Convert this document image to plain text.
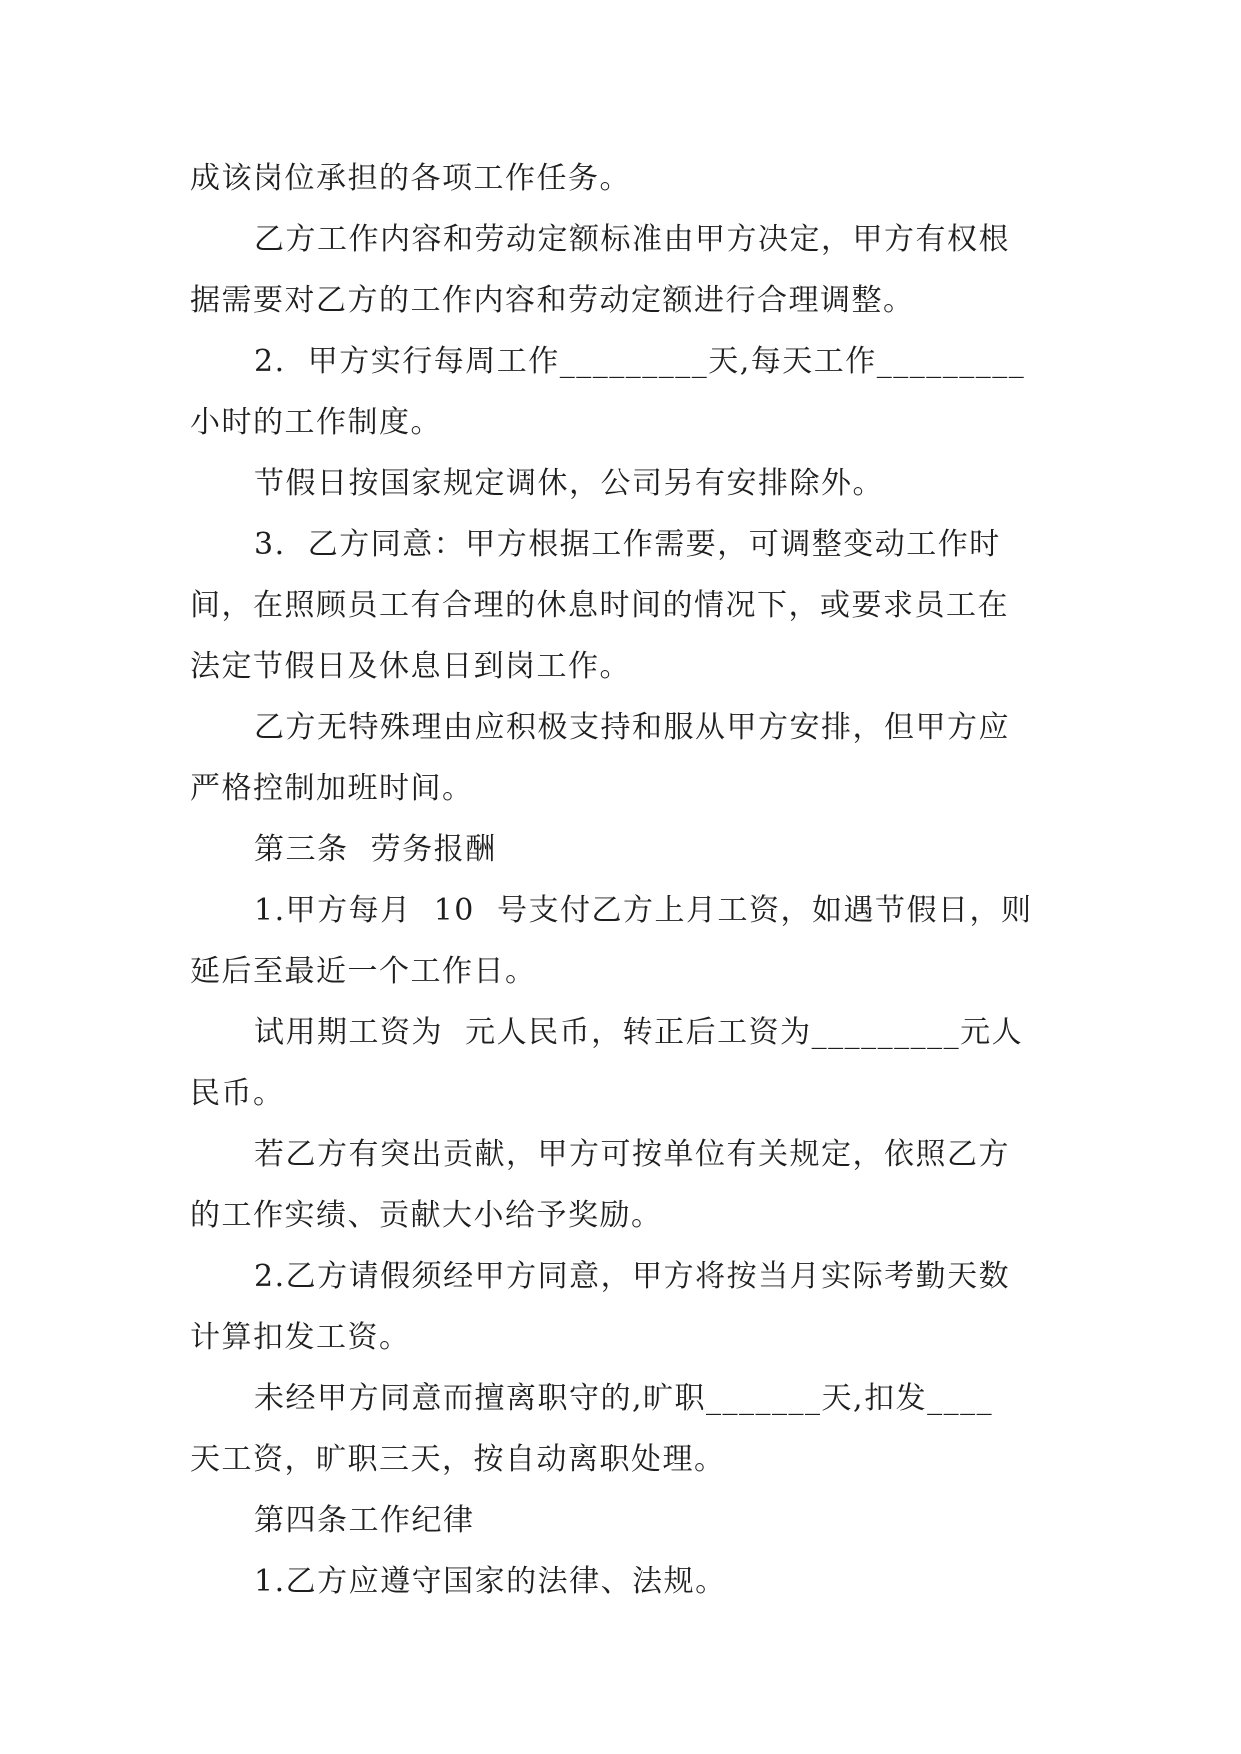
成该岗位承担的各项工作任务。
乙方工作内容和劳动定额标准由甲方决定，甲方有权根
据需要对乙方的工作内容和劳动定额进行合理调整。
2.  甲方实行每周工作_________天,每天工作_________
小时的工作制度。
节假日按国家规定调休，公司另有安排除外。
3.  乙方同意：甲方根据工作需要，可调整变动工作时
间，在照顾员工有合理的休息时间的情况下，或要求员工在
法定节假日及休息日到岗工作。
乙方无特殊理由应积极支持和服从甲方安排，但甲方应
严格控制加班时间。
第三条  劳务报酬
1.甲方每月  10  号支付乙方上月工资，如遇节假日，则
延后至最近一个工作日。
试用期工资为  元人民币，转正后工资为_________元人
民币。
若乙方有突出贡献，甲方可按单位有关规定，依照乙方
的工作实绩、贡献大小给予奖励。
2.乙方请假须经甲方同意，甲方将按当月实际考勤天数
计算扣发工资。
未经甲方同意而擅离职守的,旷职_______天,扣发____
天工资，旷职三天，按自动离职处理。
第四条工作纪律
1.乙方应遵守国家的法律、法规。
